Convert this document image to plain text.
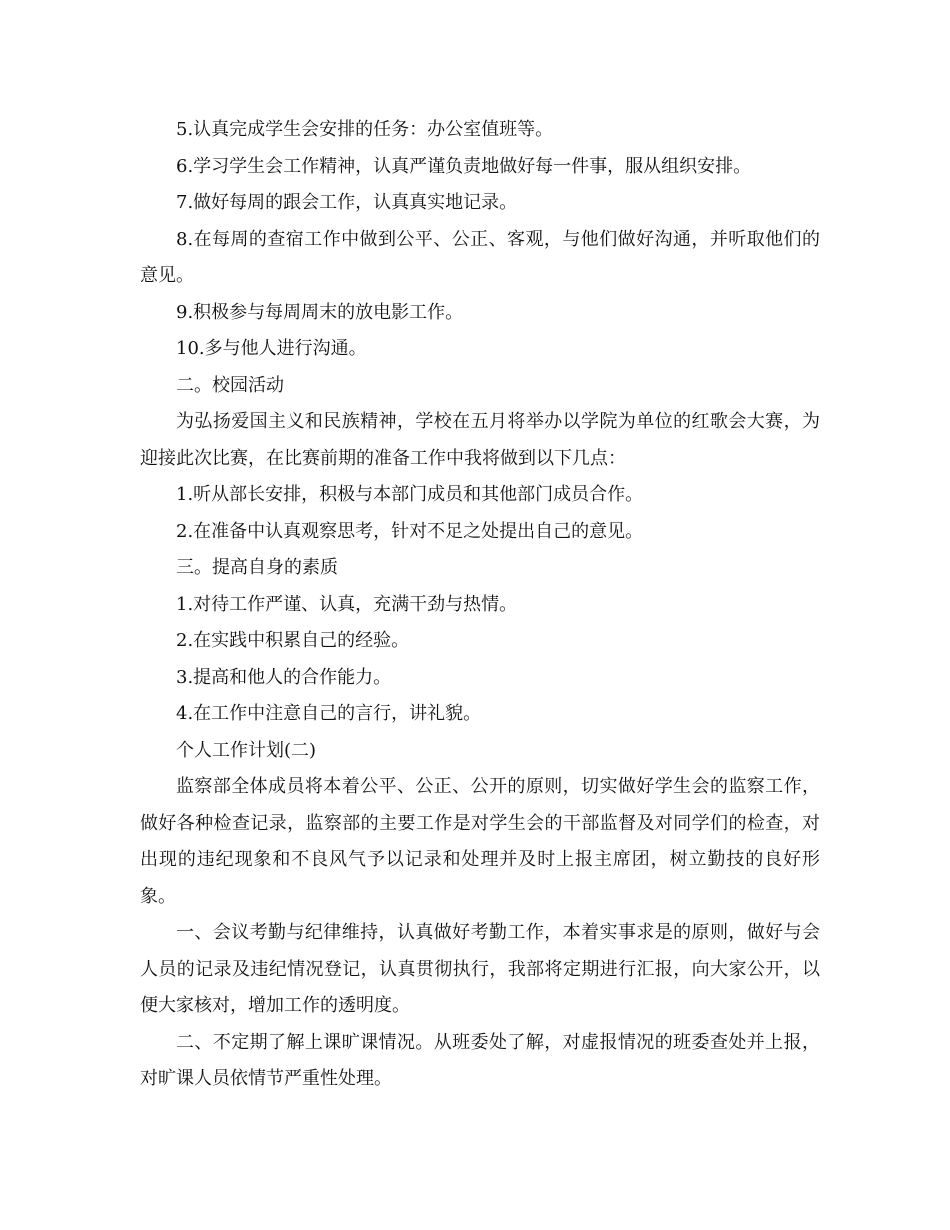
5.认真完成学生会安排的任务：办公室值班等。

6.学习学生会工作精神，认真严谨负责地做好每一件事，服从组织安排。

7.做好每周的跟会工作，认真真实地记录。

8.在每周的查宿工作中做到公平、公正、客观，与他们做好沟通，并听取他们的意见。

9.积极参与每周周末的放电影工作。

10.多与他人进行沟通。

二。校园活动

为弘扬爱国主义和民族精神，学校在五月将举办以学院为单位的红歌会大赛，为迎接此次比赛，在比赛前期的准备工作中我将做到以下几点：

1.听从部长安排，积极与本部门成员和其他部门成员合作。

2.在准备中认真观察思考，针对不足之处提出自己的意见。

三。提高自身的素质

1.对待工作严谨、认真，充满干劲与热情。

2.在实践中积累自己的经验。

3.提高和他人的合作能力。

4.在工作中注意自己的言行，讲礼貌。

个人工作计划(二)

监察部全体成员将本着公平、公正、公开的原则，切实做好学生会的监察工作，做好各种检查记录，监察部的主要工作是对学生会的干部监督及对同学们的检查，对出现的违纪现象和不良风气予以记录和处理并及时上报主席团，树立勤技的良好形象。

一、会议考勤与纪律维持，认真做好考勤工作，本着实事求是的原则，做好与会人员的记录及违纪情况登记，认真贯彻执行，我部将定期进行汇报，向大家公开，以便大家核对，增加工作的透明度。

二、不定期了解上课旷课情况。从班委处了解，对虚报情况的班委查处并上报，对旷课人员依情节严重性处理。
